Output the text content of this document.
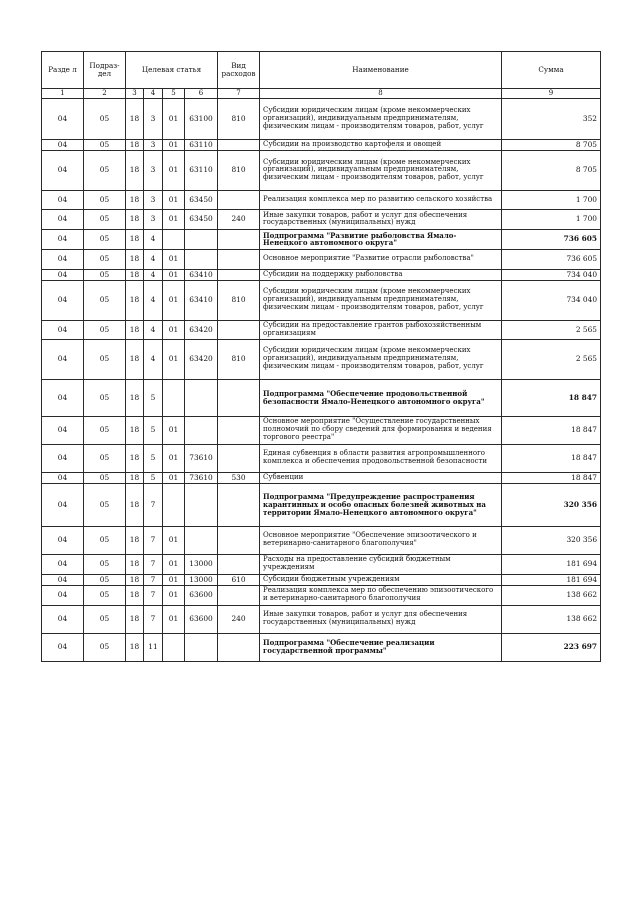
Разде л	Подраз- дел	Целевая статья				Вид расходов	Наименование	Сумма
1	2	3	4	5	6	7	8	9
04	05	18	3	01	63100	810	Субсидии юридическим лицам (кроме некоммерческих организаций), индивидуальным предпринимателям, физическим лицам - производителям товаров, работ, услуг	352
04	05	18	3	01	63110		Субсидии на производство картофеля и овощей	8 705
04	05	18	3	01	63110	810	Субсидии юридическим лицам (кроме некоммерческих организаций), индивидуальным предпринимателям, физическим лицам - производителям товаров, работ, услуг	8 705
04	05	18	3	01	63450		Реализация комплекса мер по развитию сельского хозяйства	1 700
04	05	18	3	01	63450	240	Иные закупки товаров, работ и услуг для обеспечения государственных (муниципальных) нужд	1 700
04	05	18	4				Подпрограмма "Развитие рыболовства Ямало-Ненецкого автономного округа"	736 605
04	05	18	4	01			Основное мероприятие "Развитие отрасли рыболовства"	736 605
04	05	18	4	01	63410		Субсидии на поддержку рыболовства	734 040
04	05	18	4	01	63410	810	Субсидии юридическим лицам (кроме некоммерческих организаций), индивидуальным предпринимателям, физическим лицам - производителям товаров, работ, услуг	734 040
04	05	18	4	01	63420		Субсидии на предоставление грантов рыбохозяйственным организациям	2 565
04	05	18	4	01	63420	810	Субсидии юридическим лицам (кроме некоммерческих организаций), индивидуальным предпринимателям, физическим лицам - производителям товаров, работ, услуг	2 565
04	05	18	5				Подпрограмма "Обеспечение продовольственной безопасности Ямало-Ненецкого автономного округа"	18 847
04	05	18	5	01			Основное мероприятие "Осуществление государственных полномочий по сбору сведений для формирования и ведения торгового реестра"	18 847
04	05	18	5	01	73610		Единая субвенция в области развития агропромышленного комплекса и обеспечения продовольственной безопасности	18 847
04	05	18	5	01	73610	530	Субвенции	18 847
04	05	18	7				Подпрограмма "Предупреждение распространения карантинных и особо опасных болезней животных на территории Ямало-Ненецкого автономного округа"	320 356
04	05	18	7	01			Основное мероприятие "Обеспечение эпизоотического и ветеринарно-санитарного благополучия"	320 356
04	05	18	7	01	13000		Расходы на предоставление субсидий бюджетным учреждениям	181 694
04	05	18	7	01	13000	610	Субсидии бюджетным учреждениям	181 694
04	05	18	7	01	63600		Реализация комплекса мер по обеспечению эпизоотического и ветеринарно-санитарного благополучия	138 662
04	05	18	7	01	63600	240	Иные закупки товаров, работ и услуг для обеспечения государственных (муниципальных) нужд	138 662
04	05	18	11				Подпрограмма "Обеспечение реализации государственной программы"	223 697
